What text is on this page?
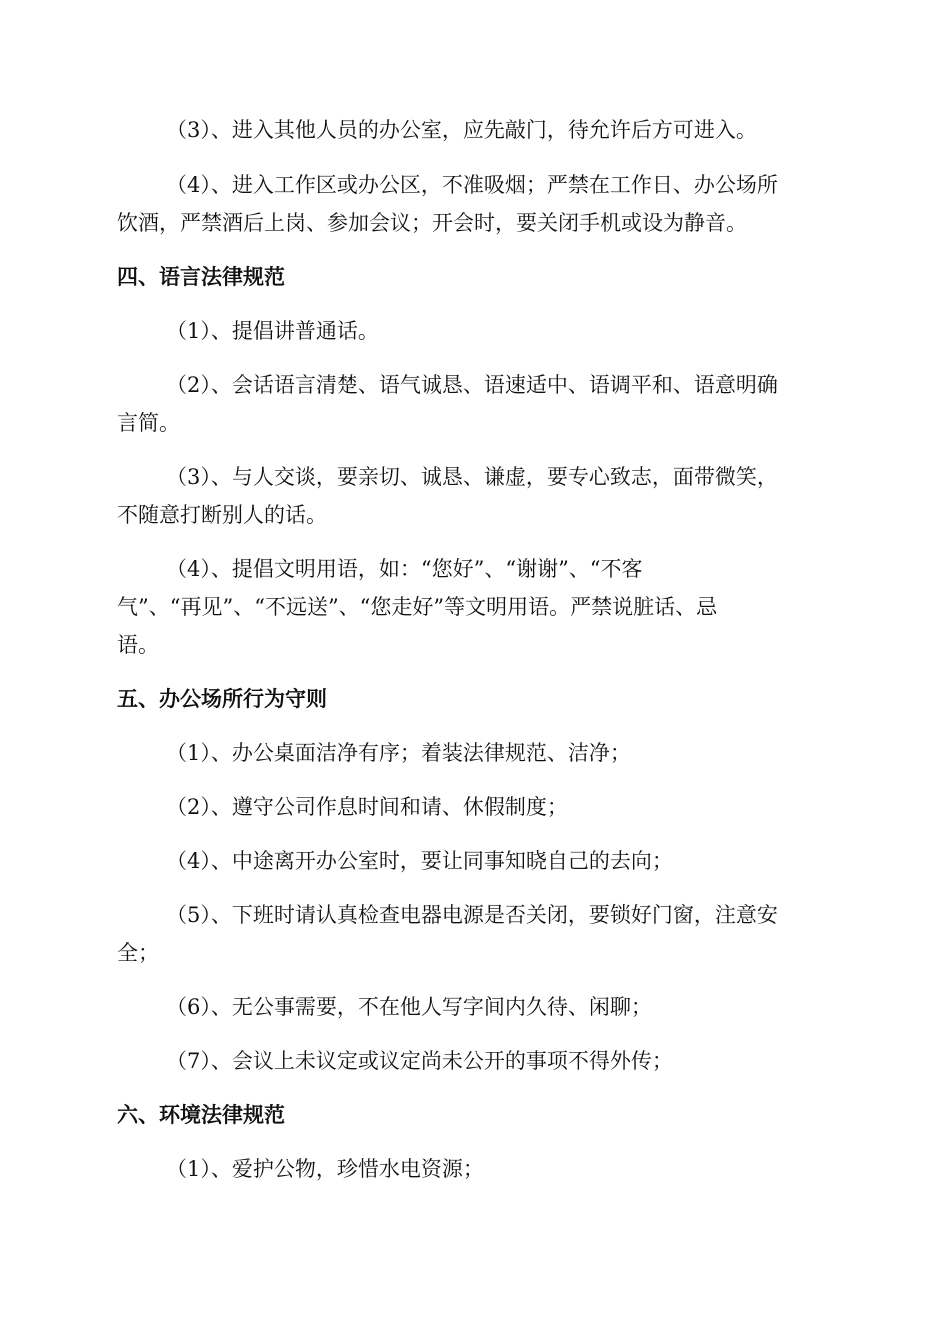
（3）、进入其他人员的办公室，应先敲门，待允许后方可进入。
（4）、进入工作区或办公区，不准吸烟；严禁在工作日、办公场所
饮酒，严禁酒后上岗、参加会议；开会时，要关闭手机或设为静音。
四、语言法律规范
（1）、提倡讲普通话。
（2）、会话语言清楚、语气诚恳、语速适中、语调平和、语意明确
言简。
（3）、与人交谈，要亲切、诚恳、谦虚，要专心致志，面带微笑，
不随意打断别人的话。
（4）、提倡文明用语，如：“您好”、“谢谢”、“不客
气”、“再见”、“不远送”、“您走好”等文明用语。严禁说脏话、忌
语。
五、办公场所行为守则
（1）、办公桌面洁净有序；着装法律规范、洁净；
（2）、遵守公司作息时间和请、休假制度；
（4）、中途离开办公室时，要让同事知晓自己的去向；
（5）、下班时请认真检查电器电源是否关闭，要锁好门窗，注意安
全；
（6）、无公事需要，不在他人写字间内久待、闲聊；
（7）、会议上未议定或议定尚未公开的事项不得外传；
六、环境法律规范
（1）、爱护公物，珍惜水电资源；
